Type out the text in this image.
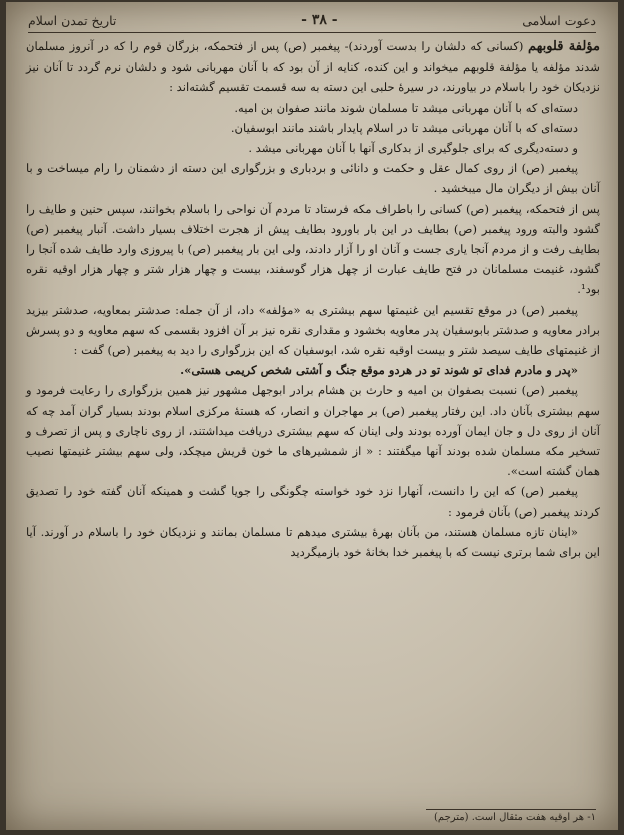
دعوت اسلامی
- ۳۸ -
تاریخ تمدن اسلام

مؤلفة قلوبهم (کسانی که دلشان را بدست آوردند)- پیغمبر (ص) پس از فتحمکه، بزرگان قوم را که در آنروز مسلمان شدند مؤلفه یا مؤلفة قلوبهم میخواند و این کنده، کنایه از آن بود که با آنان مهربانی شود و دلشان نرم گردد تا آنان نیز نزدیکان خود را باسلام در بیاورند، در سیرهٔ حلبی این دسته به سه قسمت تقسیم گشته‌اند :

دسته‌ای که با آنان مهربانی میشد تا مسلمان شوند مانند صفوان بن امیه.

دسته‌ای که با آنان مهربانی میشد تا در اسلام پایدار باشند مانند ابوسفیان.

و دسته‌دیگری که برای جلوگیری از بدکاری آنها با آنان مهربانی میشد .

پیغمبر (ص) از روی کمال عقل و حکمت و دانائی و بردباری و بزرگواری این دسته از دشمنان را رام میساخت و با آنان بیش از دیگران مال میبخشید .

پس از فتحمکه، پیغمبر (ص) کسانی را باطراف مکه فرستاد تا مردم آن نواحی را باسلام بخوانند، سپس حنین و طایف را گشود والبته ورود پیغمبر (ص) بطایف در این بار باورود بطایف پیش از هجرت اختلاف بسیار داشت. آنبار پیغمبر (ص) بطایف رفت و از مردم آنجا یاری جست و آنان او را آزار دادند، ولی این بار پیغمبر (ص) با پیروزی وارد طایف شده آنجا را گشود، غنیمت مسلمانان در فتح طایف عبارت از چهل هزار گوسفند، بیست و چهار هزار شتر و چهار هزار اوقیه نقره بود¹.

پیغمبر (ص) در موقع تقسیم این غنیمتها سهم بیشتری به «مؤلفه» داد، از آن جمله: صدشتر بمعاویه، صدشتر بیزید برادر معاویه و صدشتر بابوسفیان پدر معاویه بخشود و مقداری نقره نیز بر آن افزود بقسمی که سهم معاویه و دو پسرش از غنیمتهای طایف سیصد شتر و بیست اوقیه نقره شد، ابوسفیان که این بزرگواری را دید به پیغمبر (ص) گفت :

«پدر و مادرم فدای تو شوند تو در هردو موقع جنگ و آشتی شخص کریمی هستی».

پیغمبر (ص) نسبت بصفوان بن امیه و حارث بن هشام برادر ابوجهل مشهور نیز همین بزرگواری را رعایت فرمود و سهم بیشتری بآنان داد. این رفتار پیغمبر (ص) بر مهاجران و انصار، که هستهٔ مرکزی اسلام بودند بسیار گران آمد چه که آنان از روی دل و جان ایمان آورده بودند ولی اینان که سهم بیشتری دریافت میداشتند، از روی ناچاری و پس از تصرف و تسخیر مکه مسلمان شده بودند آنها میگفتند : « از شمشیرهای ما خون قریش میچکد، ولی سهم بیشتر غنیمتها نصیب همان گشته است».

پیغمبر (ص) که این را دانست، آنهارا نزد خود خواسته چگونگی را جویا گشت و همینکه آنان گفته خود را تصدیق کردند پیغمبر (ص) بآنان فرمود :

«اینان تازه مسلمان هستند، من بآنان بهرهٔ بیشتری میدهم تا مسلمان بمانند و نزدیکان خود را باسلام در آورند. آیا این برای شما برتری نیست که با پیغمبر خدا بخانهٔ خود بازمیگردید

۱- هر اوقیه هفت مثقال است. (مترجم)
